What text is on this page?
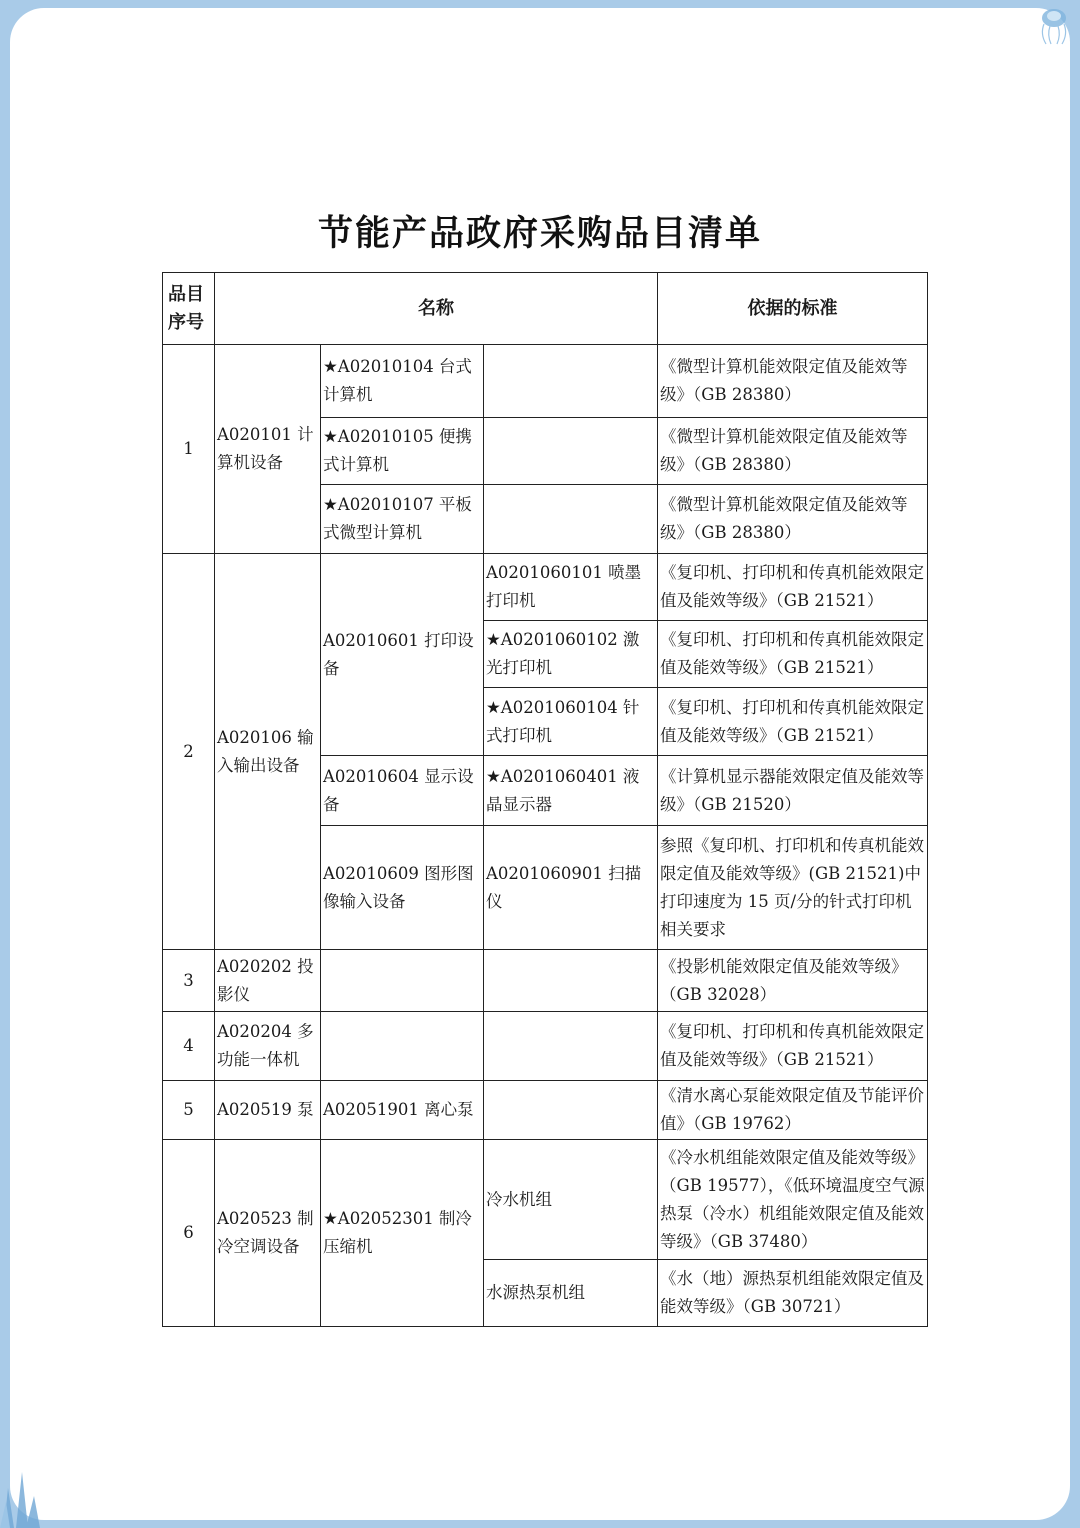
节能产品政府采购品目清单
品目序号	名称			依据的标准
1	A020101 计算机设备	★A02010104 台式计算机		《微型计算机能效限定值及能效等级》（GB 28380）
		★A02010105 便携式计算机		《微型计算机能效限定值及能效等级》（GB 28380）
		★A02010107 平板式微型计算机		《微型计算机能效限定值及能效等级》（GB 28380）
2	A020106 输入输出设备	A02010601 打印设备	A0201060101 喷墨打印机	《复印机、打印机和传真机能效限定值及能效等级》（GB 21521）
			★A0201060102 激光打印机	《复印机、打印机和传真机能效限定值及能效等级》（GB 21521）
			★A0201060104 针式打印机	《复印机、打印机和传真机能效限定值及能效等级》（GB 21521）
		A02010604 显示设备	★A0201060401 液晶显示器	《计算机显示器能效限定值及能效等级》（GB 21520）
		A02010609 图形图像输入设备	A0201060901 扫描仪	参照《复印机、打印机和传真机能效限定值及能效等级》(GB 21521)中打印速度为 15 页/分的针式打印机相关要求
3	A020202 投影仪			《投影机能效限定值及能效等级》（GB 32028）
4	A020204 多功能一体机			《复印机、打印机和传真机能效限定值及能效等级》（GB 21521）
5	A020519 泵	A02051901 离心泵		《清水离心泵能效限定值及节能评价值》（GB 19762）
6	A020523 制冷空调设备	★A02052301 制冷压缩机	冷水机组	《冷水机组能效限定值及能效等级》（GB 19577），《低环境温度空气源热泵（冷水）机组能效限定值及能效等级》（GB 37480）
			水源热泵机组	《水（地）源热泵机组能效限定值及能效等级》（GB 30721）
